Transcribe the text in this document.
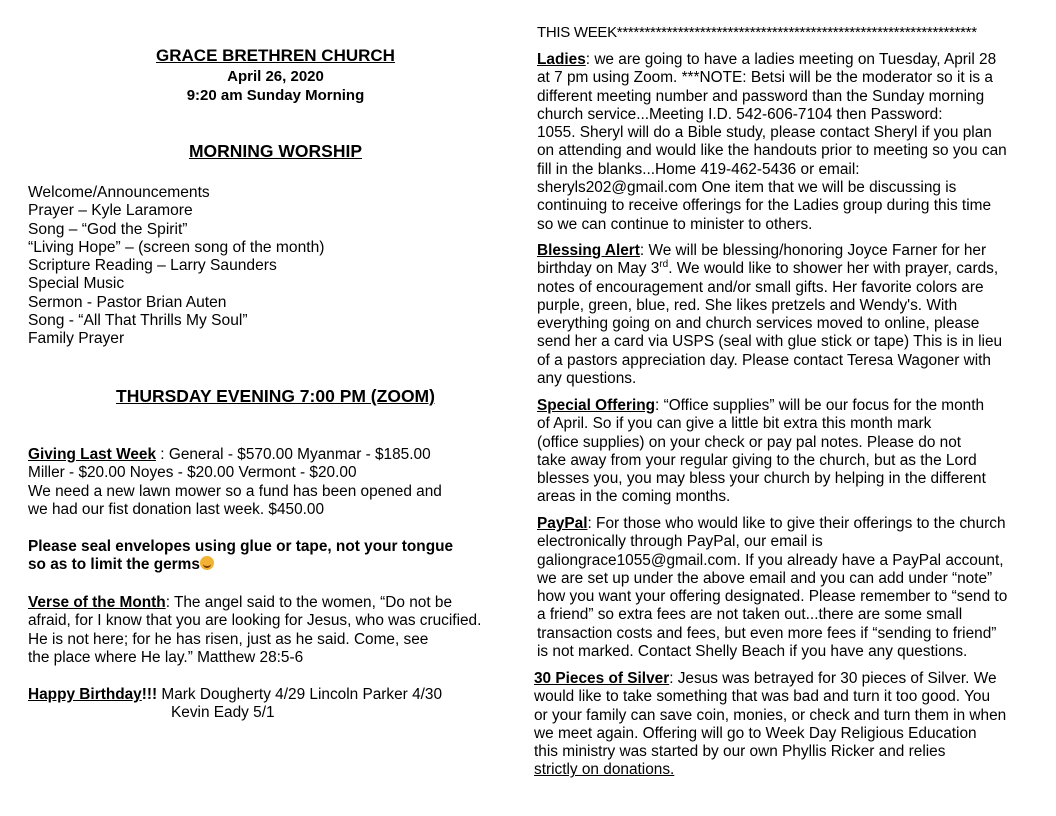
GRACE BRETHREN CHURCH
April 26, 2020
9:20 am Sunday Morning
MORNING WORSHIP
Welcome/Announcements
Prayer – Kyle Laramore
Song – “God the Spirit”
“Living Hope” – (screen song of the month)
Scripture Reading – Larry Saunders
Special Music
Sermon - Pastor Brian Auten
Song - “All That Thrills My Soul”
Family Prayer
THURSDAY EVENING 7:00 PM (ZOOM)
Giving Last Week : General - $570.00 Myanmar - $185.00
Miller - $20.00 Noyes - $20.00 Vermont - $20.00
We need a new lawn mower so a fund has been opened and
we had our fist donation last week. $450.00
Please seal envelopes using glue or tape, not your tongue
so as to limit the germs
Verse of the Month: The angel said to the women, “Do not be
afraid, for I know that you are looking for Jesus, who was crucified.
He is not here; for he has risen, just as he said. Come, see
the place where He lay.” Matthew 28:5-6
Happy Birthday!!! Mark Dougherty 4/29 Lincoln Parker 4/30
Kevin Eady 5/1
THIS WEEK*****************************************************************
Ladies: we are going to have a ladies meeting on Tuesday, April 28
at 7 pm using Zoom. ***NOTE: Betsi will be the moderator so it is a
different meeting number and password than the Sunday morning
church service...Meeting I.D. 542-606-7104 then Password:
1055. Sheryl will do a Bible study, please contact Sheryl if you plan
on attending and would like the handouts prior to meeting so you can
fill in the blanks...Home 419-462-5436 or email:
sheryls202@gmail.com One item that we will be discussing is
continuing to receive offerings for the Ladies group during this time
so we can continue to minister to others.
Blessing Alert: We will be blessing/honoring Joyce Farner for her
birthday on May 3rd. We would like to shower her with prayer, cards,
notes of encouragement and/or small gifts. Her favorite colors are
purple, green, blue, red. She likes pretzels and Wendy's. With
everything going on and church services moved to online, please
send her a card via USPS (seal with glue stick or tape) This is in lieu
of a pastors appreciation day. Please contact Teresa Wagoner with
any questions.
Special Offering: “Office supplies” will be our focus for the month
of April. So if you can give a little bit extra this month mark
(office supplies) on your check or pay pal notes. Please do not
take away from your regular giving to the church, but as the Lord
blesses you, you may bless your church by helping in the different
areas in the coming months.
PayPal: For those who would like to give their offerings to the church
electronically through PayPal, our email is
galiongrace1055@gmail.com. If you already have a PayPal account,
we are set up under the above email and you can add under “note”
how you want your offering designated. Please remember to “send to
a friend” so extra fees are not taken out...there are some small
transaction costs and fees, but even more fees if “sending to friend”
is not marked. Contact Shelly Beach if you have any questions.
30 Pieces of Silver: Jesus was betrayed for 30 pieces of Silver. We
would like to take something that was bad and turn it too good. You
or your family can save coin, monies, or check and turn them in when
we meet again. Offering will go to Week Day Religious Education
this ministry was started by our own Phyllis Ricker and relies
strictly on donations.
